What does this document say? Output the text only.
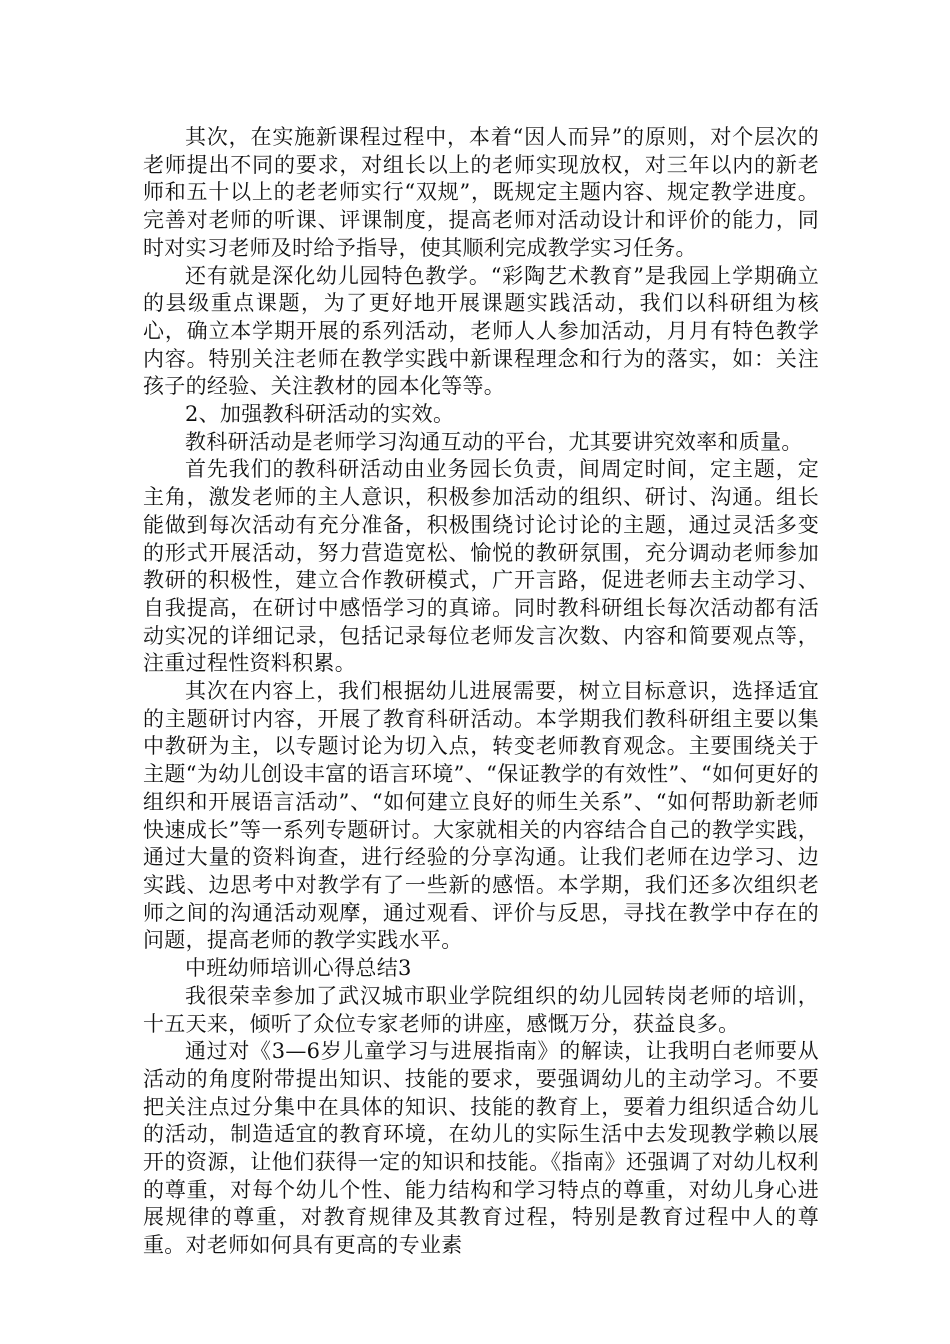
其次，在实施新课程过程中，本着“因人而异”的原则，对个层次的老师提出不同的要求，对组长以上的老师实现放权，对三年以内的新老师和五十以上的老老师实行“双规”，既规定主题内容、规定教学进度。完善对老师的听课、评课制度，提高老师对活动设计和评价的能力，同时对实习老师及时给予指导，使其顺利完成教学实习任务。

还有就是深化幼儿园特色教学。“彩陶艺术教育”是我园上学期确立的县级重点课题，为了更好地开展课题实践活动，我们以科研组为核心，确立本学期开展的系列活动，老师人人参加活动，月月有特色教学内容。特别关注老师在教学实践中新课程理念和行为的落实，如：关注孩子的经验、关注教材的园本化等等。

2、加强教科研活动的实效。

教科研活动是老师学习沟通互动的平台，尤其要讲究效率和质量。

首先我们的教科研活动由业务园长负责，间周定时间，定主题，定主角，激发老师的主人意识，积极参加活动的组织、研讨、沟通。组长能做到每次活动有充分准备，积极围绕讨论讨论的主题，通过灵活多变的形式开展活动，努力营造宽松、愉悦的教研氛围，充分调动老师参加教研的积极性，建立合作教研模式，广开言路，促进老师去主动学习、自我提高，在研讨中感悟学习的真谛。同时教科研组长每次活动都有活动实况的详细记录，包括记录每位老师发言次数、内容和简要观点等，注重过程性资料积累。

其次在内容上，我们根据幼儿进展需要，树立目标意识，选择适宜的主题研讨内容，开展了教育科研活动。本学期我们教科研组主要以集中教研为主，以专题讨论为切入点，转变老师教育观念。主要围绕关于主题“为幼儿创设丰富的语言环境”、“保证教学的有效性”、“如何更好的组织和开展语言活动”、“如何建立良好的师生关系”、“如何帮助新老师快速成长”等一系列专题研讨。大家就相关的内容结合自己的教学实践，通过大量的资料询查，进行经验的分享沟通。让我们老师在边学习、边实践、边思考中对教学有了一些新的感悟。本学期，我们还多次组织老师之间的沟通活动观摩，通过观看、评价与反思，寻找在教学中存在的问题，提高老师的教学实践水平。

中班幼师培训心得总结3

我很荣幸参加了武汉城市职业学院组织的幼儿园转岗老师的培训，十五天来，倾听了众位专家老师的讲座，感慨万分，获益良多。

通过对《3—6岁儿童学习与进展指南》的解读，让我明白老师要从活动的角度附带提出知识、技能的要求，要强调幼儿的主动学习。不要把关注点过分集中在具体的知识、技能的教育上，要着力组织适合幼儿的活动，制造适宜的教育环境，在幼儿的实际生活中去发现教学赖以展开的资源，让他们获得一定的知识和技能。《指南》还强调了对幼儿权利的尊重，对每个幼儿个性、能力结构和学习特点的尊重，对幼儿身心进展规律的尊重，对教育规律及其教育过程，特别是教育过程中人的尊重。对老师如何具有更高的专业素
